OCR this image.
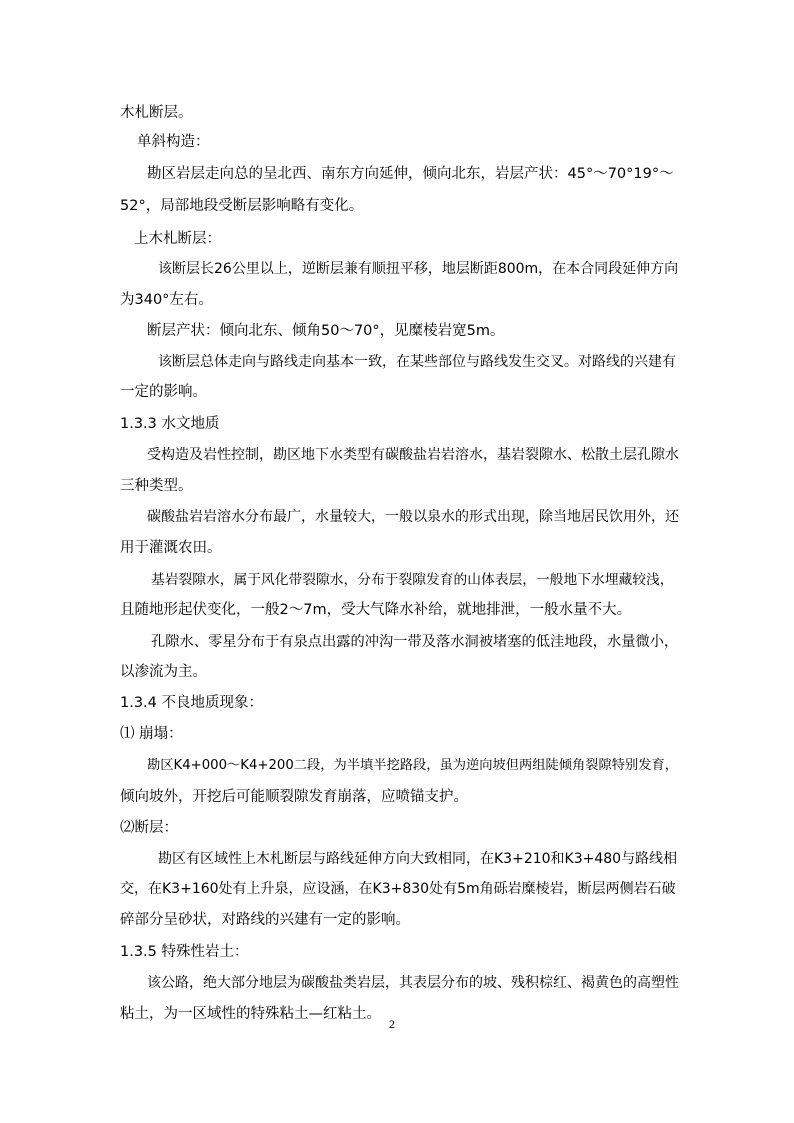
木札断层。
单斜构造：
勘区岩层走向总的呈北西、南东方向延伸，倾向北东，岩层产状：45°～70°19°～
52°，局部地段受断层影响略有变化。
上木札断层：
该断层长26公里以上，逆断层兼有顺扭平移，地层断距800m，在本合同段延伸方向
为340°左右。
断层产状：倾向北东、倾角50～70°，见糜棱岩宽5m。
该断层总体走向与路线走向基本一致，在某些部位与路线发生交叉。对路线的兴建有
一定的影响。
1.3.3 水文地质
受构造及岩性控制，勘区地下水类型有碳酸盐岩岩溶水，基岩裂隙水、松散土层孔隙水
三种类型。
碳酸盐岩岩溶水分布最广，水量较大，一般以泉水的形式出现，除当地居民饮用外，还
用于灌溉农田。
基岩裂隙水，属于风化带裂隙水，分布于裂隙发育的山体表层，一般地下水埋藏较浅，
且随地形起伏变化，一般2～7m，受大气降水补给，就地排泄，一般水量不大。
孔隙水、零星分布于有泉点出露的冲沟一带及落水洞被堵塞的低洼地段，水量微小，
以渗流为主。
1.3.4 不良地质现象：
⑴ 崩塌：
勘区K4+000～K4+200二段，为半填半挖路段，虽为逆向坡但两组陡倾角裂隙特别发育，
倾向坡外，开挖后可能顺裂隙发育崩落，应喷锚支护。
⑵断层：
勘区有区域性上木札断层与路线延伸方向大致相同，在K3+210和K3+480与路线相
交，在K3+160处有上升泉，应设涵，在K3+830处有5m角砾岩糜棱岩，断层两侧岩石破
碎部分呈砂状，对路线的兴建有一定的影响。
1.3.5 特殊性岩土：
该公路，绝大部分地层为碳酸盐类岩层，其表层分布的坡、残积棕红、褐黄色的高塑性
粘土，为一区域性的特殊粘土—红粘土。
2
